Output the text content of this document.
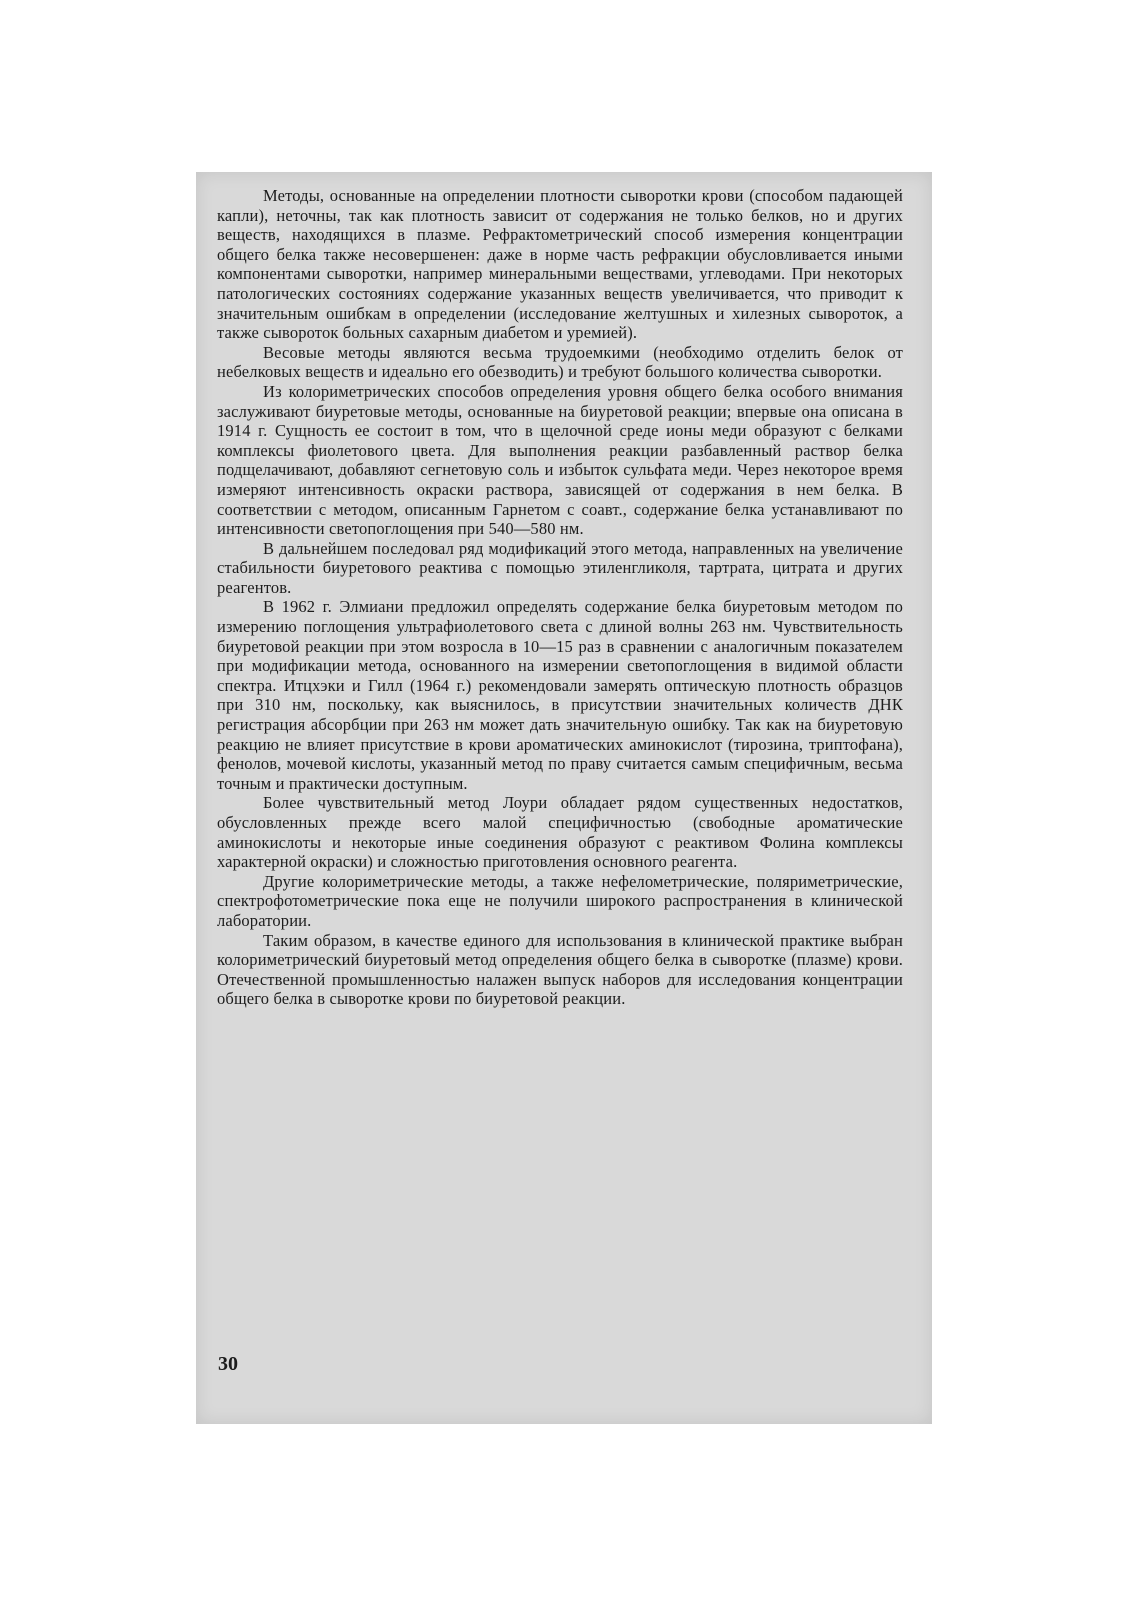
Методы, основанные на определении плотности сыворотки крови (способом падающей капли), неточны, так как плотность зависит от содержания не только белков, но и других веществ, находящихся в плазме. Рефрактометрический способ измерения концентрации общего белка также несовершенен: даже в норме часть рефракции обусловливается иными компонентами сыворотки, например минеральными веществами, углеводами. При некоторых патологических состояниях содержание указанных веществ увеличивается, что приводит к значительным ошибкам в определении (исследование желтушных и хилезных сывороток, а также сывороток больных сахарным диабетом и уремией).

Весовые методы являются весьма трудоемкими (необходимо отделить белок от небелковых веществ и идеально его обезводить) и требуют большого количества сыворотки.

Из колориметрических способов определения уровня общего белка особого внимания заслуживают биуретовые методы, основанные на биуретовой реакции; впервые она описана в 1914 г. Сущность ее состоит в том, что в щелочной среде ионы меди образуют с белками комплексы фиолетового цвета. Для выполнения реакции разбавленный раствор белка подщелачивают, добавляют сегнетовую соль и избыток сульфата меди. Через некоторое время измеряют интенсивность окраски раствора, зависящей от содержания в нем белка. В соответствии с методом, описанным Гарнетом с соавт., содержание белка устанавливают по интенсивности светопоглощения при 540—580 нм.

В дальнейшем последовал ряд модификаций этого метода, направленных на увеличение стабильности биуретового реактива с помощью этиленгликоля, тартрата, цитрата и других реагентов.

В 1962 г. Элмиани предложил определять содержание белка биуретовым методом по измерению поглощения ультрафиолетового света с длиной волны 263 нм. Чувствительность биуретовой реакции при этом возросла в 10—15 раз в сравнении с аналогичным показателем при модификации метода, основанного на измерении светопоглощения в видимой области спектра. Итцхэки и Гилл (1964 г.) рекомендовали замерять оптическую плотность образцов при 310 нм, поскольку, как выяснилось, в присутствии значительных количеств ДНК регистрация абсорбции при 263 нм может дать значительную ошибку. Так как на биуретовую реакцию не влияет присутствие в крови ароматических аминокислот (тирозина, триптофана), фенолов, мочевой кислоты, указанный метод по праву считается самым специфичным, весьма точным и практически доступным.

Более чувствительный метод Лоури обладает рядом существенных недостатков, обусловленных прежде всего малой специфичностью (свободные ароматические аминокислоты и некоторые иные соединения образуют с реактивом Фолина комплексы характерной окраски) и сложностью приготовления основного реагента.

Другие колориметрические методы, а также нефелометрические, поляриметрические, спектрофотометрические пока еще не получили широкого распространения в клинической лаборатории.

Таким образом, в качестве единого для использования в клинической практике выбран колориметрический биуретовый метод определения общего белка в сыворотке (плазме) крови. Отечественной промышленностью налажен выпуск наборов для исследования концентрации общего белка в сыворотке крови по биуретовой реакции.

30
